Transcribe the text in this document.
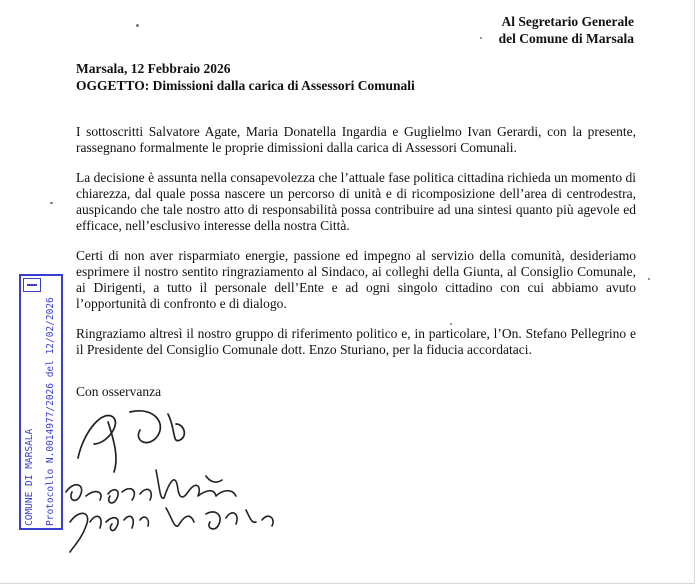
Al Segretario Generale
del Comune di Marsala
Marsala, 12 Febbraio 2026
OGGETTO: Dimissioni dalla carica di Assessori Comunali

I sottoscritti Salvatore Agate, Maria Donatella Ingardia e Guglielmo Ivan Gerardi, con la presente, rassegnano formalmente le proprie dimissioni dalla carica di Assessori Comunali.

La decisione è assunta nella consapevolezza che l’attuale fase politica cittadina richieda un momento di chiarezza, dal quale possa nascere un percorso di unità e di ricomposizione dell’area di centrodestra, auspicando che tale nostro atto di responsabilità possa contribuire ad una sintesi quanto più agevole ed efficace, nell’esclusivo interesse della nostra Città.

Certi di non aver risparmiato energie, passione ed impegno al servizio della comunità, desideriamo esprimere il nostro sentito ringraziamento al Sindaco, ai colleghi della Giunta, al Consiglio Comunale, ai Dirigenti, a tutto il personale dell’Ente e ad ogni singolo cittadino con cui abbiamo avuto l’opportunità di confronto e di dialogo.

Ringraziamo altresì il nostro gruppo di riferimento politico e, in particolare, l’On. Stefano Pellegrino e il Presidente del Consiglio Comunale dott. Enzo Sturiano, per la fiducia accordataci.

Con osservanza
COMUNE DI MARSALA Protocollo N.0014977/2026 del 12/02/2026
